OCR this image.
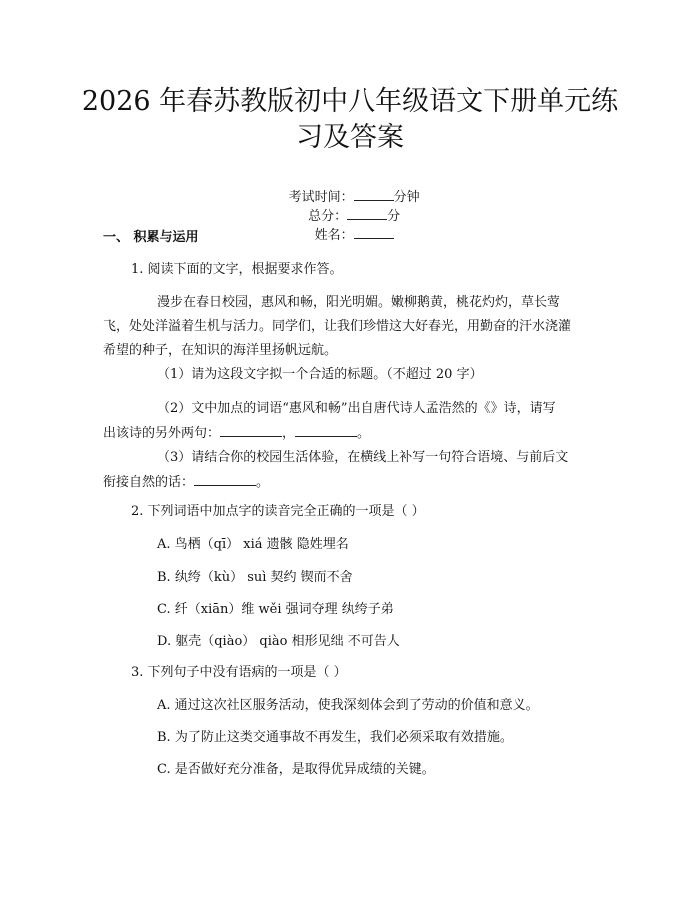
2026 年春苏教版初中八年级语文下册单元练
习及答案

考试时间：	分钟
总分：	分
姓名：

一、 积累与运用
1. 阅读下面的文字，根据要求作答。
漫步在春日校园，惠风和畅，阳光明媚。嫩柳鹅黄，桃花灼灼，草长莺
飞，处处洋溢着生机与活力。同学们，让我们珍惜这大好春光，用勤奋的汗水浇灌
希望的种子，在知识的海洋里扬帆远航。
（1）请为这段文字拟一个合适的标题。（不超过 20 字）
（2）文中加点的词语“惠风和畅”出自唐代诗人孟浩然的《》诗，请写
出该诗的另外两句：	，	。
（3）请结合你的校园生活体验，在横线上补写一句符合语境、与前后文
衔接自然的话：	。
2. 下列词语中加点字的读音完全正确的一项是（ ）
A. 鸟栖（qī） xiá 遗骸 隐姓埋名
B. 纨绔（kù） suì 契约 锲而不舍
C. 纤（xiān）维 wěi 强词夺理 纨绔子弟
D. 躯壳（qiào） qiào 相形见绌 不可告人
3. 下列句子中没有语病的一项是（ ）
A. 通过这次社区服务活动，使我深刻体会到了劳动的价值和意义。
B. 为了防止这类交通事故不再发生，我们必须采取有效措施。
C. 是否做好充分准备，是取得优异成绩的关键。
